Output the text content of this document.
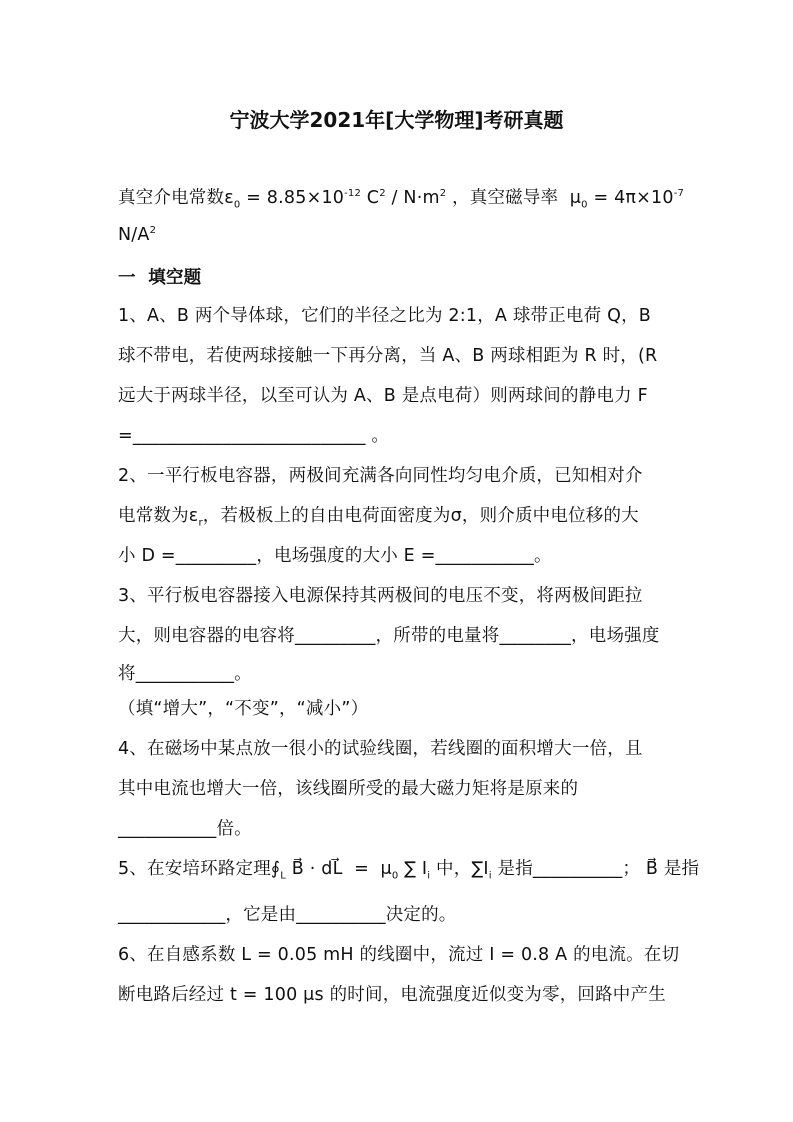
宁波大学2021年[大学物理]考研真题
真空介电常数$\varepsilon_0 = 8.85\times 10^{-12}$ $C^2 / N\cdot m^2$ ，真空磁导率  $\mu_0 = 4\pi\times 10^{-7}$
$N/A^2$
一  填空题
1、A、B 两个导体球，它们的半径之比为 2:1，A 球带正电荷 Q，B
球不带电，若使两球接触一下再分离，当 A、B 两球相距为 R 时，(R
远大于两球半径，以至可认为 A、B 是点电荷）则两球间的静电力 F
=__________________________ 。
2、一平行板电容器，两极间充满各向同性均匀电介质，已知相对介
电常数为$\varepsilon_r$，若极板上的自由电荷面密度为σ，则介质中电位移的大
小 D =_________，电场强度的大小 E =___________。
3、平行板电容器接入电源保持其两极间的电压不变，将两极间距拉
大，则电容器的电容将_________，所带的电量将________，电场强度
将___________。
（填“增大”，“不变”，“减小”）
4、在磁场中某点放一很小的试验线圈，若线圈的面积增大一倍，且
其中电流也增大一倍，该线圈所受的最大磁力矩将是原来的
___________倍。
5、在安培环路定理$∮_L$ B⃗ · dL⃗  =  $\mu_0$ ∑ $I_i$ 中，$\sum I_i$ 是指__________； B⃗ 是指
____________，它是由__________决定的。
6、在自感系数 L = 0.05 mH 的线圈中，流过 I = 0.8 A 的电流。在切
断电路后经过 t = 100 μs 的时间，电流强度近似变为零，回路中产生
